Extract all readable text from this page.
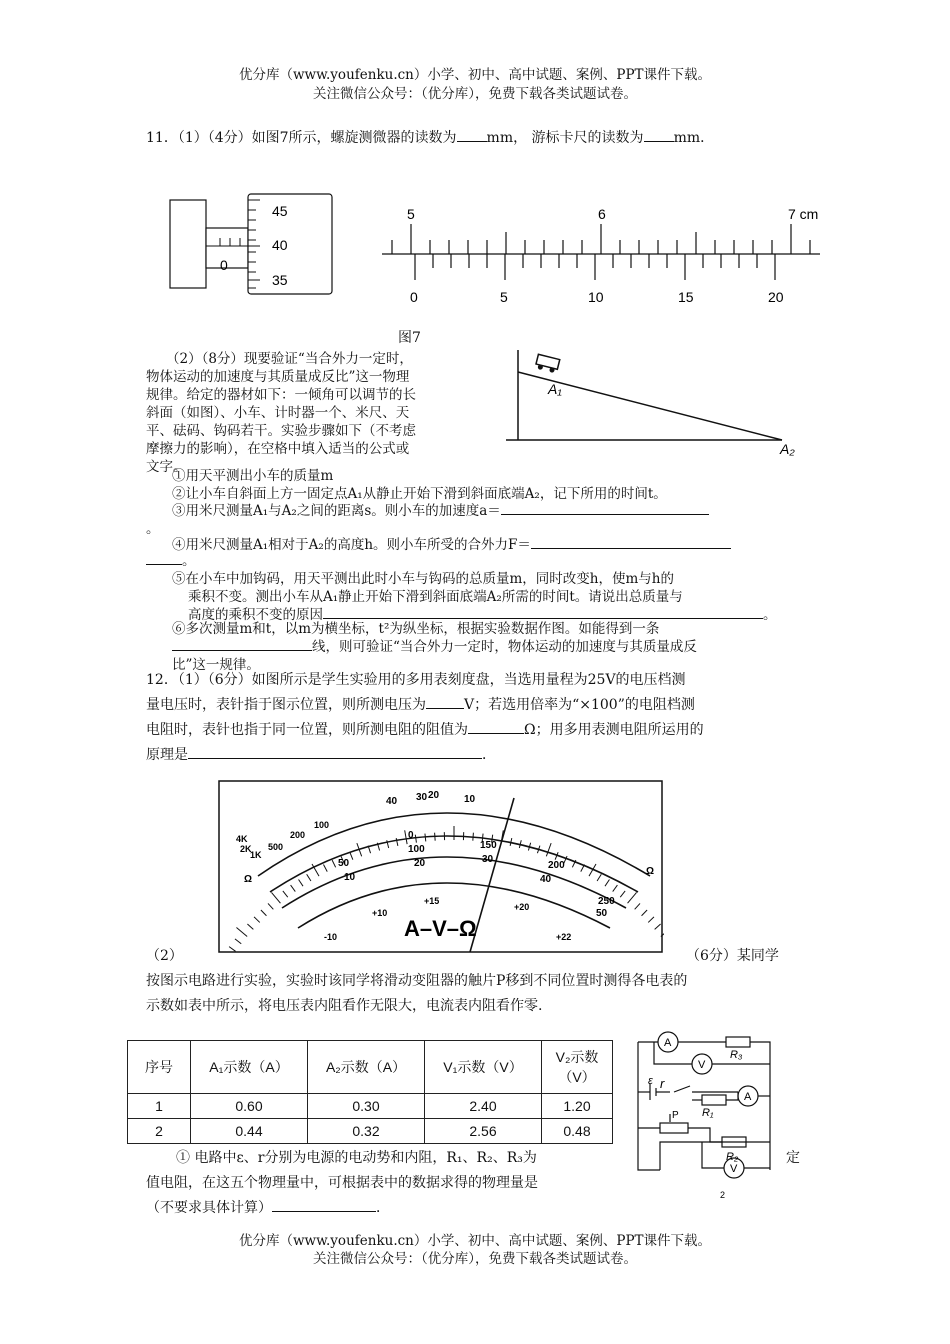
优分库（www.youfenku.cn）小学、初中、高中试题、案例、PPT课件下载。
关注微信公众号：（优分库），免费下载各类试题试卷。
11．（1）（4分）如图7所示，螺旋测微器的读数为 mm， 游标卡尺的读数为 mm．
45
40
0
35
5	6	7 cm
0	5	10	15	20
图7
（2）（8分）现要验证“当合外力一定时，
物体运动的加速度与其质量成反比”这一物理
规律。给定的器材如下：一倾角可以调节的长
斜面（如图）、小车、计时器一个、米尺、天
平、砝码、钩码若干。实验步骤如下（不考虑
摩擦力的影响），在空格中填入适当的公式或
文字。
A₁
A₂
①用天平测出小车的质量m
②让小车自斜面上方一固定点A₁从静止开始下滑到斜面底端A₂，记下所用的时间t。
③用米尺测量A₁与A₂之间的距离s。则小车的加速度a＝
。
④用米尺测量A₁相对于A₂的高度h。则小车所受的合外力F＝
。
⑤在小车中加钩码，用天平测出此时小车与钩码的总质量m，同时改变h，使m与h的
乘积不变。测出小车从A₁静止开始下滑到斜面底端A₂所需的时间t。请说出总质量与
高度的乘积不变的原因	。
⑥多次测量m和t，以m为横坐标，t²为纵坐标，根据实验数据作图。如能得到一条
线，则可验证“当合外力一定时，物体运动的加速度与其质量成反
比”这一规律。
12．（1）（6分）如图所示是学生实验用的多用表刻度盘，当选用量程为25V的电压档测
量电压时，表针指于图示位置，则所测电压为	V；若选用倍率为“×100”的电阻档测
电阻时，表针也指于同一位置，则所测电阻的阻值为	Ω；用多用表测电阻所运用的
原理是	．
20
40 30	10
100
200
1K
2K
4K
500
Ω
Ω
0
50
10
100
20
150
30
200
40
250
50
-10
+10
+15
+20
+22
A–V–Ω
（2）	（6分）某同学
按图示电路进行实验，实验时该同学将滑动变阻器的触片P移到不同位置时测得各电表的
示数如表中所示，将电压表内阻看作无限大，电流表内阻看作零.
序号	A₁示数（A）	A₂示数（A）	V₁示数（V）	V₂示数（V）
1	0.60	0.30	2.40	1.20
2	0.44	0.32	2.56	0.48
A
R₃
V
ε r
R₁
A
P
R₂
V
2
① 电路中ε、r分别为电源的电动势和内阻，R₁、R₂、R₃为	定
值电阻，在这五个物理量中，可根据表中的数据求得的物理量是
（不要求具体计算）	．
优分库（www.youfenku.cn）小学、初中、高中试题、案例、PPT课件下载。
关注微信公众号：（优分库），免费下载各类试题试卷。
